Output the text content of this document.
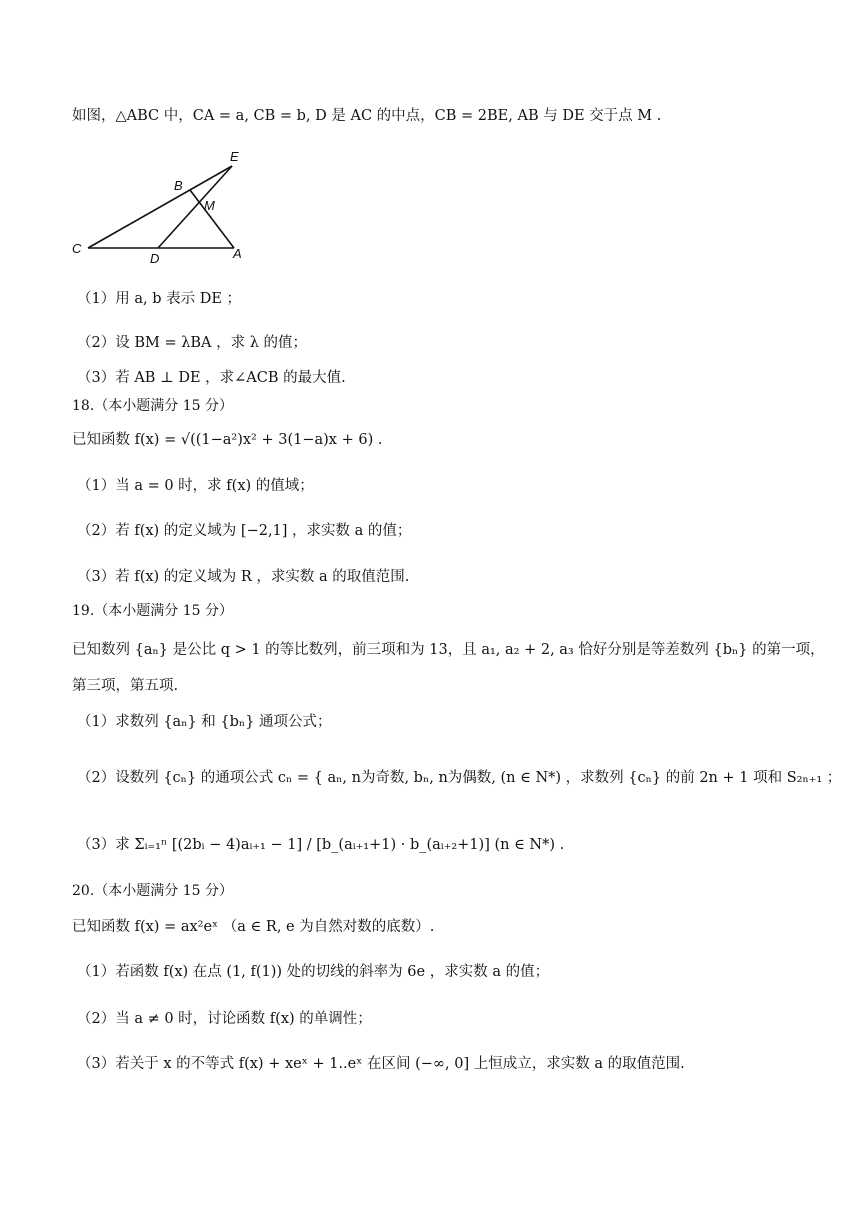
如图，△ABC 中，CA = a, CB = b, D 是 AC 的中点，CB = 2BE, AB 与 DE 交于点 M .
E
B
M
C
D	A
（1）用 a, b 表示 DE ；
（2）设 BM = λBA ，求 λ 的值；
（3）若 AB ⊥ DE ，求∠ACB 的最大值.
18.（本小题满分 15 分）
已知函数 f(x) = √((1−a²)x² + 3(1−a)x + 6) .
（1）当 a = 0 时，求 f(x) 的值域；
（2）若 f(x) 的定义域为 [−2,1] ，求实数 a 的值；
（3）若 f(x) 的定义域为 R ，求实数 a 的取值范围.
19.（本小题满分 15 分）
已知数列 {aₙ} 是公比 q > 1 的等比数列，前三项和为 13，且 a₁, a₂ + 2, a₃ 恰好分别是等差数列 {bₙ} 的第一项，
第三项，第五项.
（1）求数列 {aₙ} 和 {bₙ} 通项公式；
（2）设数列 {cₙ} 的通项公式 cₙ = { aₙ, n为奇数, bₙ, n为偶数, (n ∈ N*) ，求数列 {cₙ} 的前 2n + 1 项和 S₂ₙ₊₁ ；
（3）求 Σᵢ₌₁ⁿ [(2bᵢ − 4)aᵢ₊₁ − 1] / [b_(aᵢ₊₁+1) · b_(aᵢ₊₂+1)] (n ∈ N*) .
20.（本小题满分 15 分）
已知函数 f(x) = ax²eˣ （a ∈ R, e 为自然对数的底数）.
（1）若函数 f(x) 在点 (1, f(1)) 处的切线的斜率为 6e ，求实数 a 的值；
（2）当 a ≠ 0 时，讨论函数 f(x) 的单调性；
（3）若关于 x 的不等式 f(x) + xeˣ + 1..eˣ 在区间 (−∞, 0] 上恒成立，求实数 a 的取值范围.
